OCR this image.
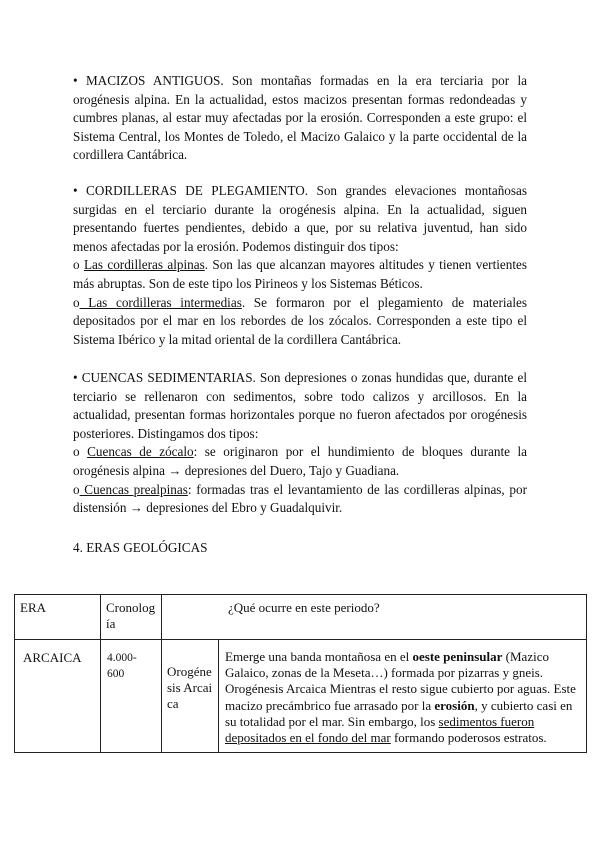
• MACIZOS ANTIGUOS. Son montañas formadas en la era terciaria por la orogénesis alpina. En la actualidad, estos macizos presentan formas redondeadas y cumbres planas, al estar muy afectadas por la erosión. Corresponden a este grupo: el Sistema Central, los Montes de Toledo, el Macizo Galaico y la parte occidental de la cordillera Cantábrica.

• CORDILLERAS DE PLEGAMIENTO. Son grandes elevaciones montañosas surgidas en el terciario durante la orogénesis alpina. En la actualidad, siguen presentando fuertes pendientes, debido a que, por su relativa juventud, han sido menos afectadas por la erosión. Podemos distinguir dos tipos:

o Las cordilleras alpinas. Son las que alcanzan mayores altitudes y tienen vertientes más abruptas. Son de este tipo los Pirineos y los Sistemas Béticos.

o Las cordilleras intermedias. Se formaron por el plegamiento de materiales depositados por el mar en los rebordes de los zócalos. Corresponden a este tipo el Sistema Ibérico y la mitad oriental de la cordillera Cantábrica.

• CUENCAS SEDIMENTARIAS. Son depresiones o zonas hundidas que, durante el terciario se rellenaron con sedimentos, sobre todo calizos y arcillosos. En la actualidad, presentan formas horizontales porque no fueron afectados por orogénesis posteriores. Distingamos dos tipos:

o Cuencas de zócalo: se originaron por el hundimiento de bloques durante la orogénesis alpina → depresiones del Duero, Tajo y Guadiana.

o Cuencas prealpinas: formadas tras el levantamiento de las cordilleras alpinas, por distensión → depresiones del Ebro y Guadalquivir.

4. ERAS GEOLÓGICAS
ERA	Cronolog ía	¿Qué ocurre en este periodo?	
ARCAICA	4.000- 600	Orogénesis Arcaica	Emerge una banda montañosa en el oeste peninsular (Mazico Galaico, zonas de la Meseta…) formada por pizarras y gneis. Orogénesis Arcaica Mientras el resto sigue cubierto por aguas. Este macizo precámbrico fue arrasado por la erosión, y cubierto casi en su totalidad por el mar. Sin embargo, los sedimentos fueron depositados en el fondo del mar formando poderosos estratos.
